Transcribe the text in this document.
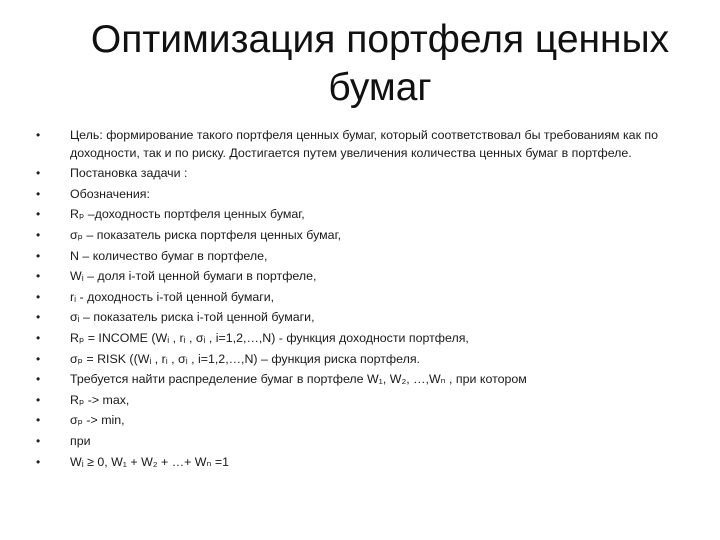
Оптимизация портфеля ценных
бумаг
• Цель: формирование такого портфеля ценных бумаг, который соответствовал бы требованиям как по доходности, так и по риску. Достигается путем увеличения количества ценных бумаг в портфеле.
• Постановка задачи :
• Обозначения:
• Rₚ –доходность портфеля ценных бумаг,
• σₚ – показатель риска портфеля ценных бумаг,
• N – количество бумаг в портфеле,
• Wᵢ – доля i-той ценной бумаги в портфеле,
• rᵢ - доходность i-той ценной бумаги,
• σᵢ – показатель риска i-той ценной бумаги,
• Rₚ = INCOME (Wᵢ , rᵢ , σᵢ , i=1,2,…,N) - функция доходности портфеля,
• σₚ = RISK ((Wᵢ , rᵢ , σᵢ , i=1,2,…,N) – функция риска портфеля.
• Требуется найти распределение бумаг в портфеле W₁, W₂, …,Wₙ , при котором
• Rₚ -> max,
• σₚ -> min,
• при
• Wᵢ ≥ 0, W₁ + W₂ + …+ Wₙ =1
